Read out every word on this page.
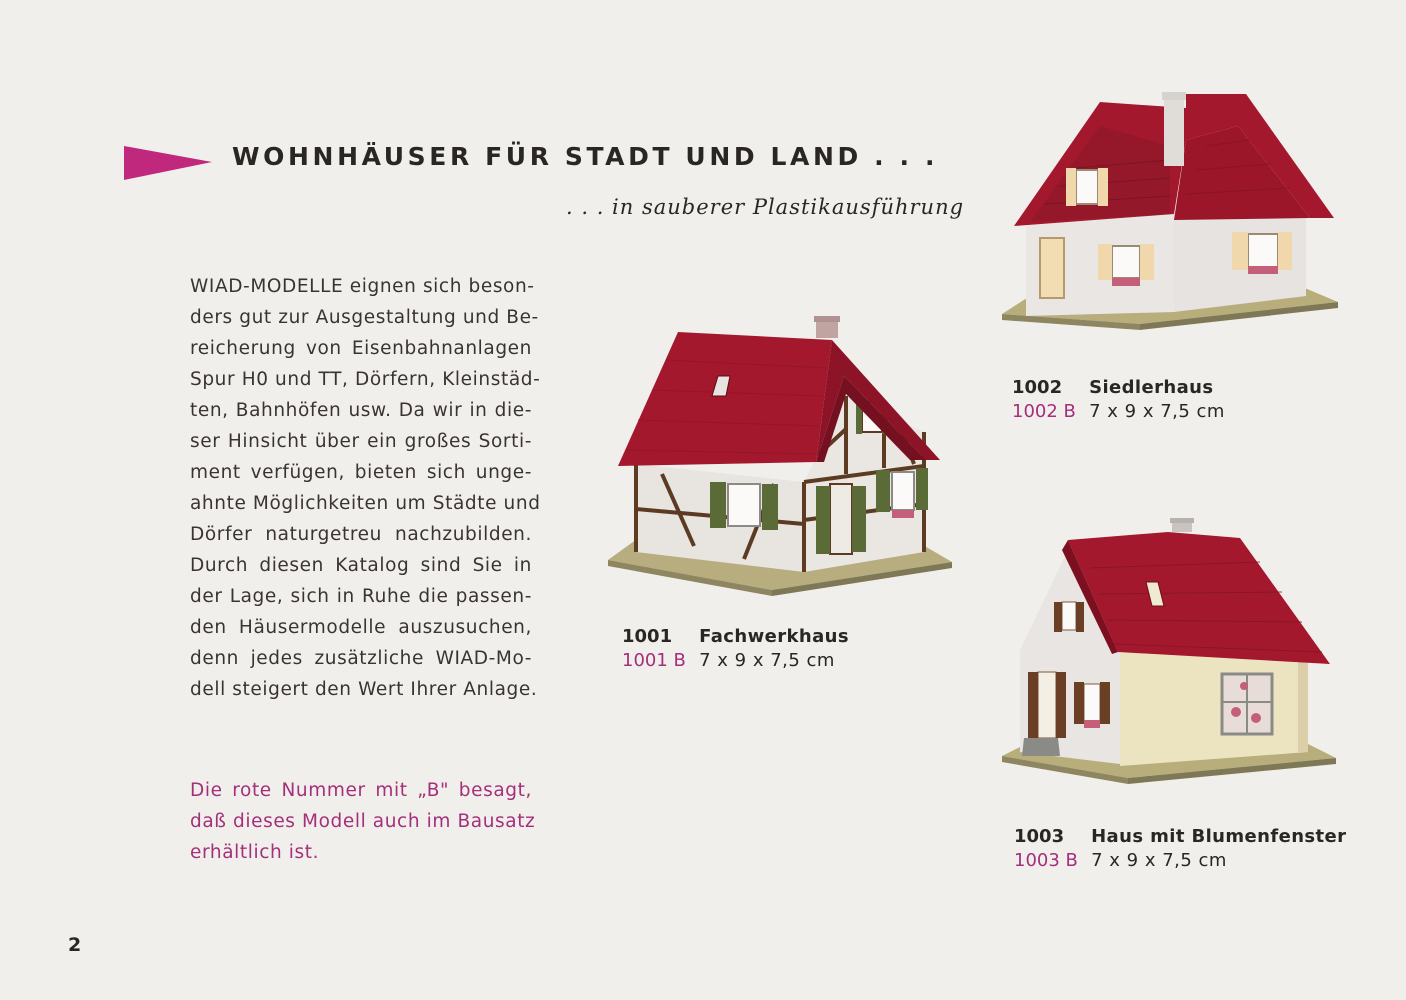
WOHNHÄUSER FÜR STADT UND LAND . . .
. . . in sauberer Plastikausführung
WIAD-MODELLE eignen sich beson-
ders gut zur Ausgestaltung und Be-
reicherung von Eisenbahnanlagen
Spur H0 und TT, Dörfern, Kleinstäd-
ten, Bahnhöfen usw. Da wir in die-
ser Hinsicht über ein großes Sorti-
ment verfügen, bieten sich unge-
ahnte Möglichkeiten um Städte und
Dörfer naturgetreu nachzubilden.
Durch diesen Katalog sind Sie in
der Lage, sich in Ruhe die passen-
den Häusermodelle auszusuchen,
denn jedes zusätzliche WIAD-Mo-
dell steigert den Wert Ihrer Anlage.
Die rote Nummer mit „B" besagt,
daß dieses Modell auch im Bausatz
erhältlich ist.
1001 Fachwerkhaus
1001 B 7 x 9 x 7,5 cm
1002 Siedlerhaus
1002 B 7 x 9 x 7,5 cm
1003 Haus mit Blumenfenster
1003 B 7 x 9 x 7,5 cm
2
